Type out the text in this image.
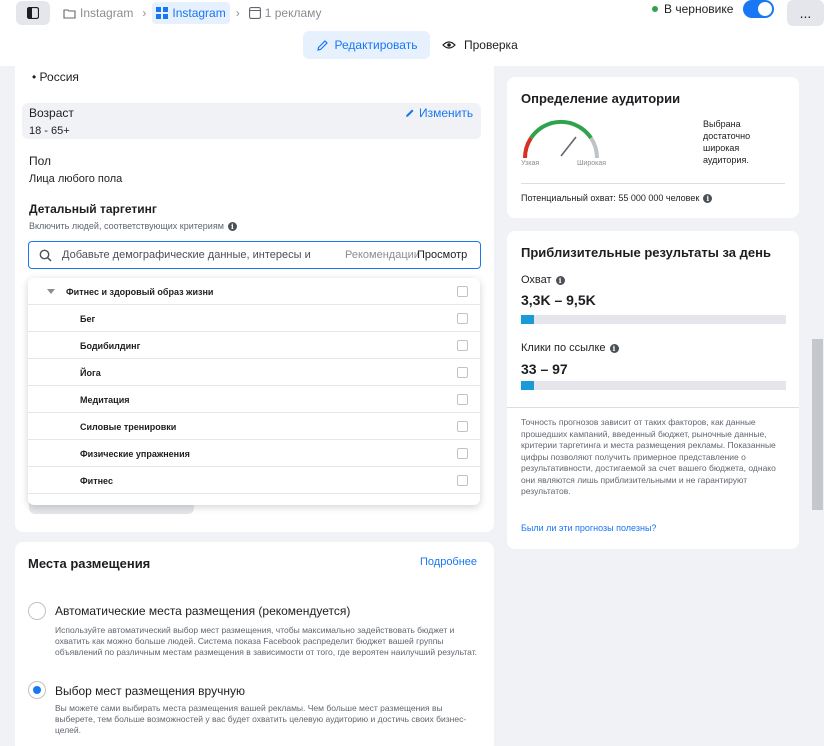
Instagram › Instagram › 1 рекламу	В черновике	...
Редактировать	Проверка
• Россия
Возраст
18 - 65+
Изменить
Пол
Лица любого пола
Детальный таргетинг
Включить людей, соответствующих критериям	i
Добавьте демографические данные, интересы и	Рекомендации
Просмотр
Фитнес и здоровый образ жизни
Бег
Бодибилдинг
Йога
Медитация
Силовые тренировки
Физические упражнения
Фитнес
Места размещения	Подробнее
Автоматические места размещения (рекомендуется)
Используйте автоматический выбор мест размещения, чтобы максимально задействовать бюджет и охватить как можно больше людей. Система показа Facebook распределит бюджет вашей группы объявлений по различным местам размещения в зависимости от того, где вероятен наилучший результат.
Выбор мест размещения вручную
Вы можете сами выбирать места размещения вашей рекламы. Чем больше мест размещения вы выберете, тем больше возможностей у вас будет охватить целевую аудиторию и достичь своих бизнес-целей.
Определение аудитории
Узкая	Широкая
Выбрана достаточно широкая аудитория.
Потенциальный охват: 55 000 000 человек	i
Приблизительные результаты за день
Охват	i
3,3K – 9,5K
Клики по ссылке	i
33 – 97
Точность прогнозов зависит от таких факторов, как данные прошедших кампаний, введенный бюджет, рыночные данные, критерии таргетинга и места размещения рекламы. Показанные цифры позволяют получить примерное представление о результативности, достигаемой за счет вашего бюджета, однако они являются лишь приблизительными и не гарантируют результатов.
Были ли эти прогнозы полезны?
